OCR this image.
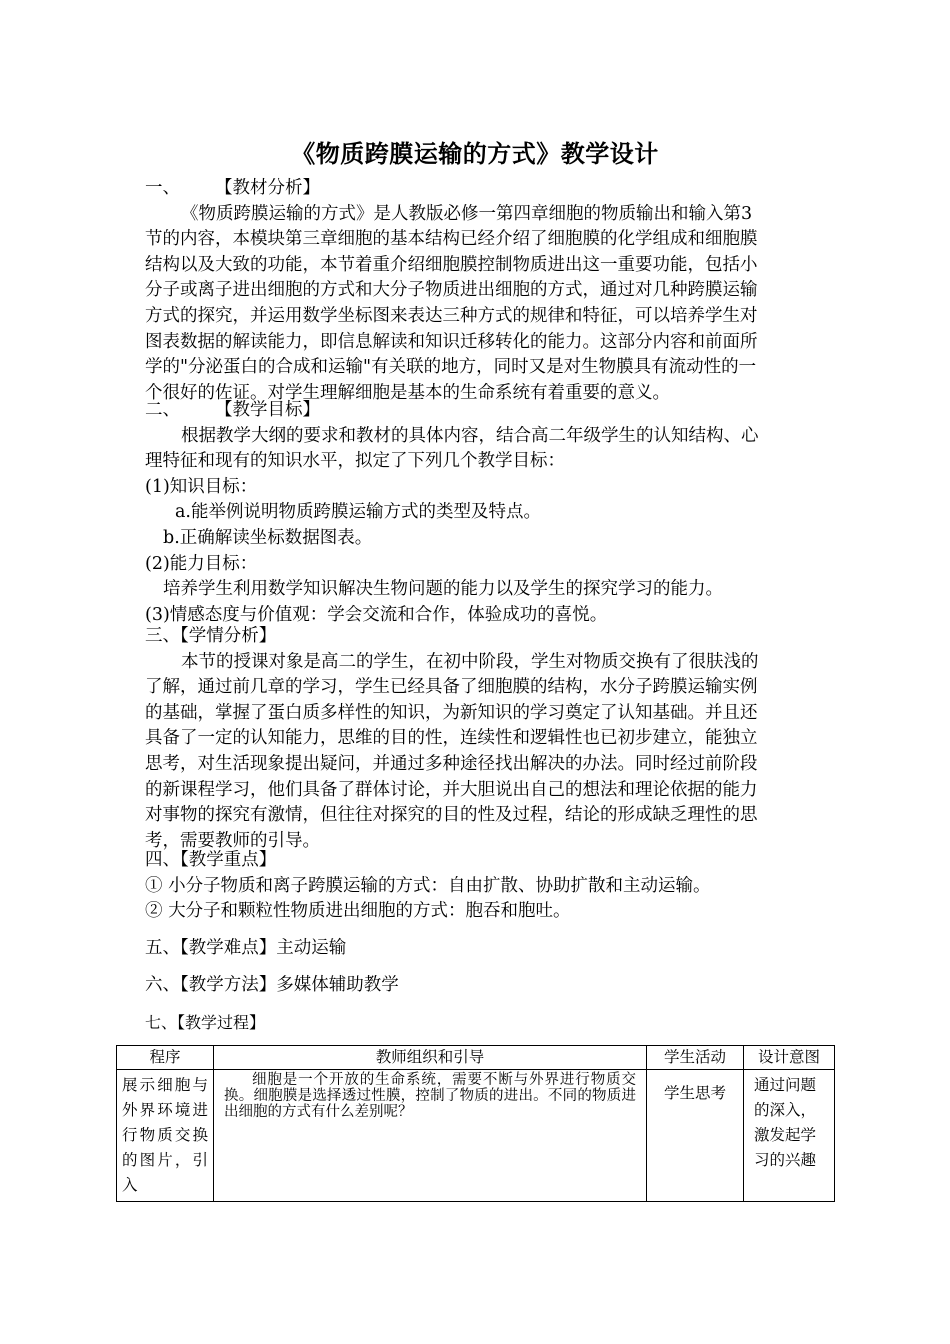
《物质跨膜运输的方式》教学设计
一、	【教材分析】
《物质跨膜运输的方式》是人教版必修一第四章细胞的物质输出和输入第3
节的内容，本模块第三章细胞的基本结构已经介绍了细胞膜的化学组成和细胞膜
结构以及大致的功能，本节着重介绍细胞膜控制物质进出这一重要功能，包括小
分子或离子进出细胞的方式和大分子物质进出细胞的方式，通过对几种跨膜运输
方式的探究，并运用数学坐标图来表达三种方式的规律和特征，可以培养学生对
图表数据的解读能力，即信息解读和知识迁移转化的能力。这部分内容和前面所
学的"分泌蛋白的合成和运输"有关联的地方，同时又是对生物膜具有流动性的一
个很好的佐证。对学生理解细胞是基本的生命系统有着重要的意义。
二、	【教学目标】
根据教学大纲的要求和教材的具体内容，结合高二年级学生的认知结构、心
理特征和现有的知识水平，拟定了下列几个教学目标：
(1)知识目标：
a.能举例说明物质跨膜运输方式的类型及特点。
b.正确解读坐标数据图表。
(2)能力目标：
培养学生利用数学知识解决生物问题的能力以及学生的探究学习的能力。
(3)情感态度与价值观：学会交流和合作，体验成功的喜悦。
三、【学情分析】
本节的授课对象是高二的学生，在初中阶段，学生对物质交换有了很肤浅的
了解，通过前几章的学习，学生已经具备了细胞膜的结构，水分子跨膜运输实例
的基础，掌握了蛋白质多样性的知识，为新知识的学习奠定了认知基础。并且还
具备了一定的认知能力，思维的目的性，连续性和逻辑性也已初步建立，能独立
思考，对生活现象提出疑问，并通过多种途径找出解决的办法。同时经过前阶段
的新课程学习，他们具备了群体讨论，并大胆说出自己的想法和理论依据的能力
对事物的探究有激情，但往往对探究的目的性及过程，结论的形成缺乏理性的思
考，需要教师的引导。
四、【教学重点】
① 小分子物质和离子跨膜运输的方式：自由扩散、协助扩散和主动运输。
② 大分子和颗粒性物质进出细胞的方式：胞吞和胞吐。
五、【教学难点】主动运输
六、【教学方法】多媒体辅助教学
七、【教学过程】
程序	教师组织和引导	学生活动	设计意图
展示细胞与外界环境进行物质交换的图片，引入	细胞是一个开放的生命系统，需要不断与外界进行物质交换。细胞膜是选择透过性膜，控制了物质的进出。不同的物质进出细胞的方式有什么差别呢？	学生思考	通过问题的深入，激发起学习的兴趣
